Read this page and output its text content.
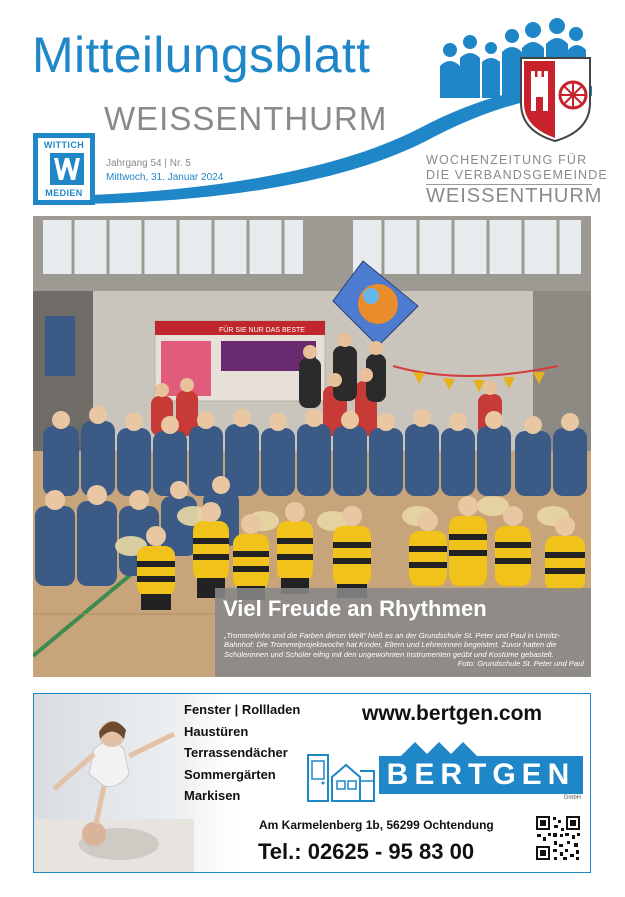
Mitteilungsblatt
WEISSENTHURM
WITTICH
MEDIEN
Jahrgang 54 | Nr. 5
Mittwoch, 31. Januar 2024
WOCHENZEITUNG FÜR
DIE VERBANDSGEMEINDE
WEISSENTHURM
FÜR SIE NUR DAS BESTE
Viel Freude an Rhythmen
„Trommelinho und die Farben dieser Welt“ hieß es an der Grundschule St. Peter und Paul in Urmitz-Bahnhof: Die Trommelprojektwoche hat Kinder, Eltern und Lehrerinnen begeistert. Zuvor hatten die Schülerinnen und Schüler eifrig mit den ungewohnten Instrumenten geübt und Kostüme gebastelt.
Foto: Grundschule St. Peter und Paul
Fenster | Rollladen
Haustüren
Terrassendächer
Sommergärten
Markisen
www.bertgen.com
BERTGEN
GmbH
Am Karmelenberg 1b, 56299 Ochtendung
Tel.: 02625 - 95 83 00
